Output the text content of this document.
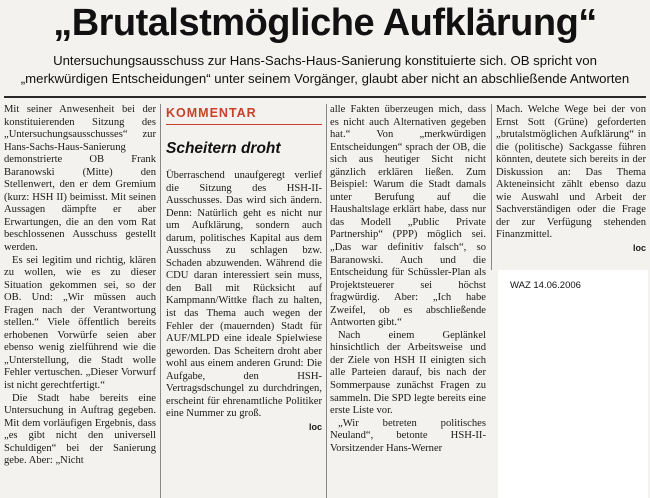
„Brutalstmögliche Aufklärung“
Untersuchungsausschuss zur Hans-Sachs-Haus-Sanierung konstituierte sich. OB spricht von
„merkwürdigen Entscheidungen“ unter seinem Vorgänger, glaubt aber nicht an abschließende Antworten

Mit seiner Anwesenheit bei der konstituierenden Sitzung des „Untersuchungsausschusses“ zur Hans-Sachs-Haus-Sanierung demonstrierte OB Frank Baranowski (Mitte) den Stellenwert, den er dem Gremium (kurz: HSH II) beimisst. Mit seinen Aussagen dämpfte er aber Erwartungen, die an den vom Rat beschlossenen Ausschuss gestellt werden.

Es sei legitim und richtig, klären zu wollen, wie es zu dieser Situation gekommen sei, so der OB. Und: „Wir müssen auch Fragen nach der Verantwortung stellen.“ Viele öffentlich bereits erhobenen Vorwürfe seien aber ebenso wenig zielführend wie die „Unterstellung, die Stadt wolle Fehler vertuschen. „Dieser Vorwurf ist nicht gerechtfertigt.“

Die Stadt habe bereits eine Untersuchung in Auftrag gegeben. Mit dem vorläufigen Ergebnis, dass „es gibt nicht den universell Schuldigen“ bei der Sanierung gebe. Aber: „Nicht

KOMMENTAR
Scheitern droht

Überraschend unaufgeregt verlief die Sitzung des HSH-II-Ausschusses. Das wird sich ändern. Denn: Natürlich geht es nicht nur um Aufklärung, sondern auch darum, politisches Kapital aus dem Ausschuss zu schlagen bzw. Schaden abzuwenden. Während die CDU daran interessiert sein muss, den Ball mit Rücksicht auf Kampmann/Wittke flach zu halten, ist das Thema auch wegen der Fehler der (mauernden) Stadt für AUF/MLPD eine ideale Spielwiese geworden. Das Scheitern droht aber wohl aus einem anderen Grund: Die Aufgabe, den HSH-Vertragsdschungel zu durchdringen, erscheint für ehrenamtliche Politiker eine Nummer zu groß.

loc

alle Fakten überzeugen mich, dass es nicht auch Alternativen gegeben hat.“ Von „merkwürdigen Entscheidungen“ sprach der OB, die sich aus heutiger Sicht nicht gänzlich erklären ließen. Zum Beispiel: Warum die Stadt damals unter Berufung auf die Haushaltslage erklärt habe, dass nur das Modell „Public Private Partnership“ (PPP) möglich sei. „Das war definitiv falsch“, so Baranowski. Auch und die Entscheidung für Schüssler-Plan als Projektsteuerer sei höchst fragwürdig. Aber: „Ich habe Zweifel, ob es abschließende Antworten gibt.“

Nach einem Geplänkel hinsichtlich der Arbeitsweise und der Ziele von HSH II einigten sich alle Parteien darauf, bis nach der Sommerpause zunächst Fragen zu sammeln. Die SPD legte bereits eine erste Liste vor.

„Wir betreten politisches Neuland“, betonte HSH-II-Vorsitzender Hans-Werner

Mach. Welche Wege bei der von Ernst Sott (Grüne) geforderten „brutalstmöglichen Aufklärung“ in die (politische) Sackgasse führen könnten, deutete sich bereits in der Diskussion an: Das Thema Akteneinsicht zählt ebenso dazu wie Auswahl und Arbeit der Sachverständigen oder die Frage der zur Verfügung stehenden Finanzmittel.

loc

WAZ 14.06.2006
